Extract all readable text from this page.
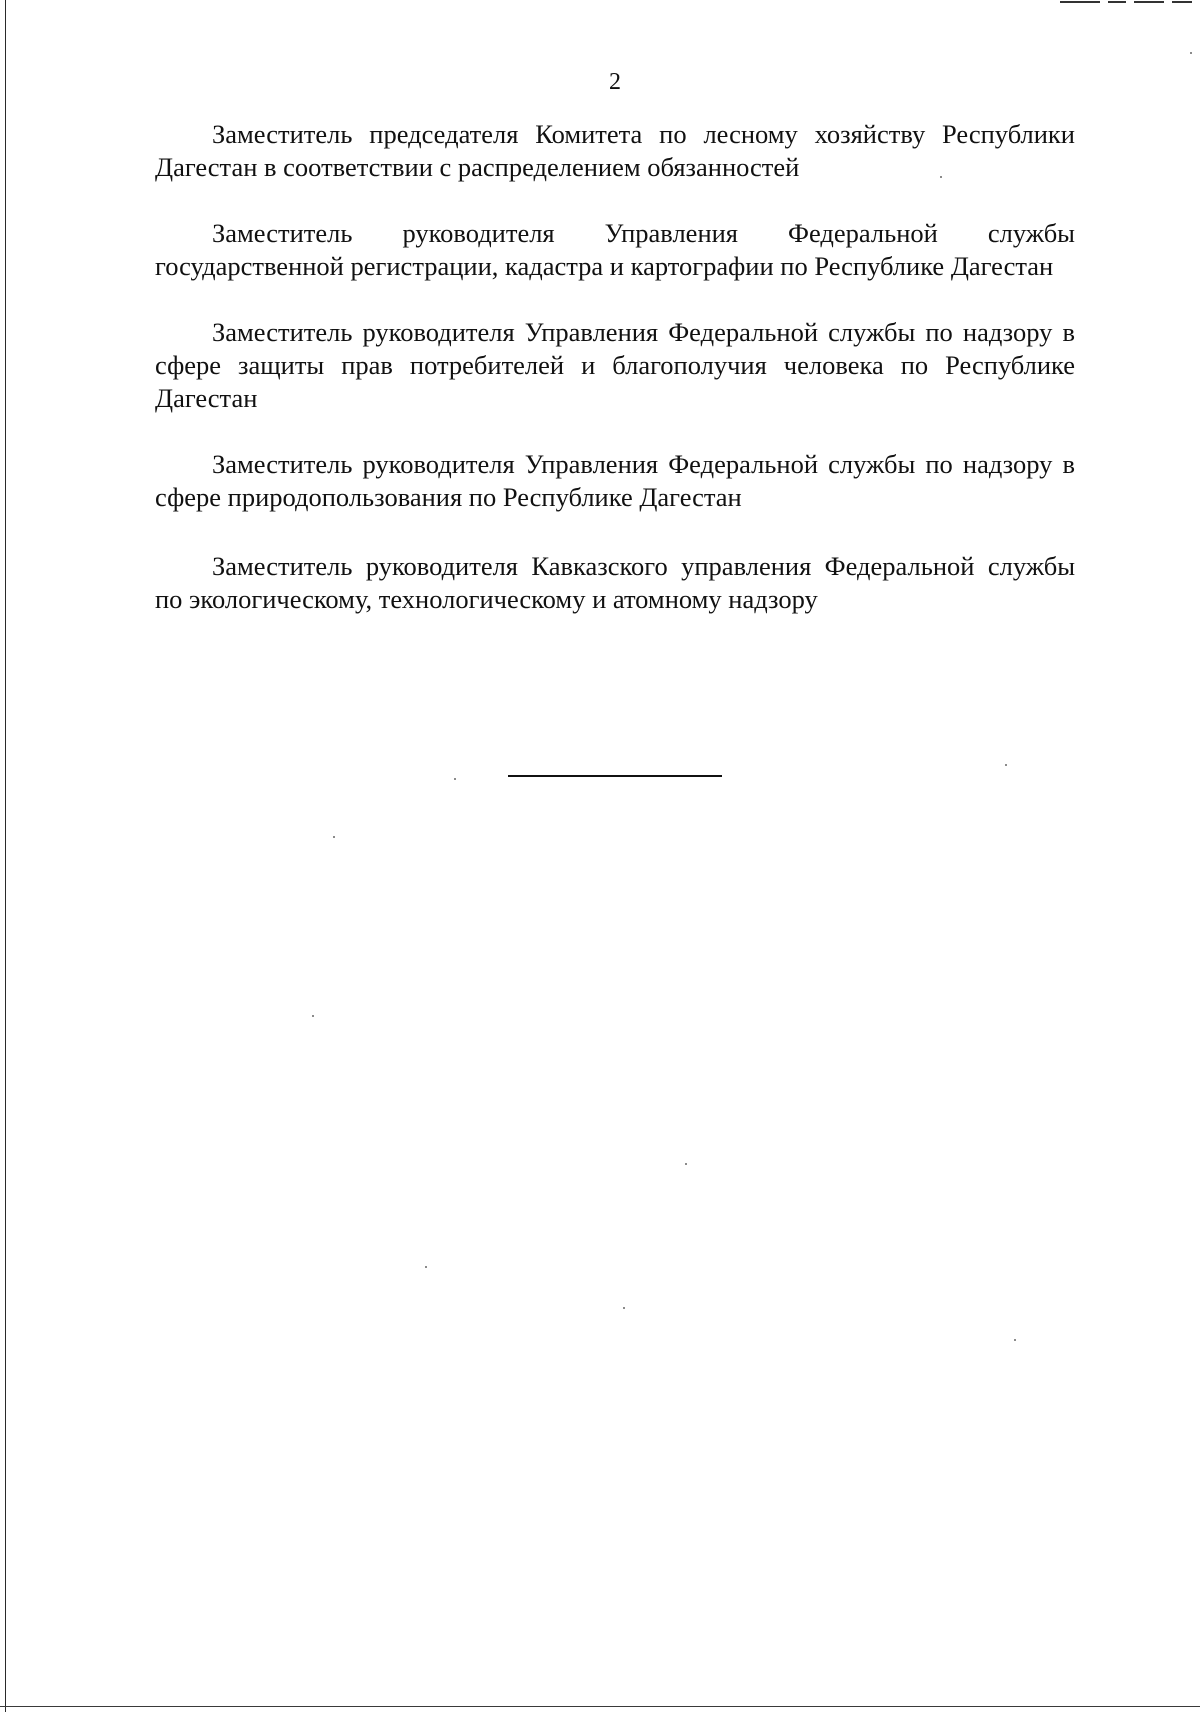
2

Заместитель председателя Комитета по лесному хозяйству Республики Дагестан в соответствии с распределением обязанностей

Заместитель руководителя Управления Федеральной службы государственной регистрации, кадастра и картографии по Республике Дагестан

Заместитель руководителя Управления Федеральной службы по надзору в сфере защиты прав потребителей и благополучия человека по Республике Дагестан

Заместитель руководителя Управления Федеральной службы по надзору в сфере природопользования по Республике Дагестан

Заместитель руководителя Кавказского управления Федеральной службы по экологическому, технологическому и атомному надзору
